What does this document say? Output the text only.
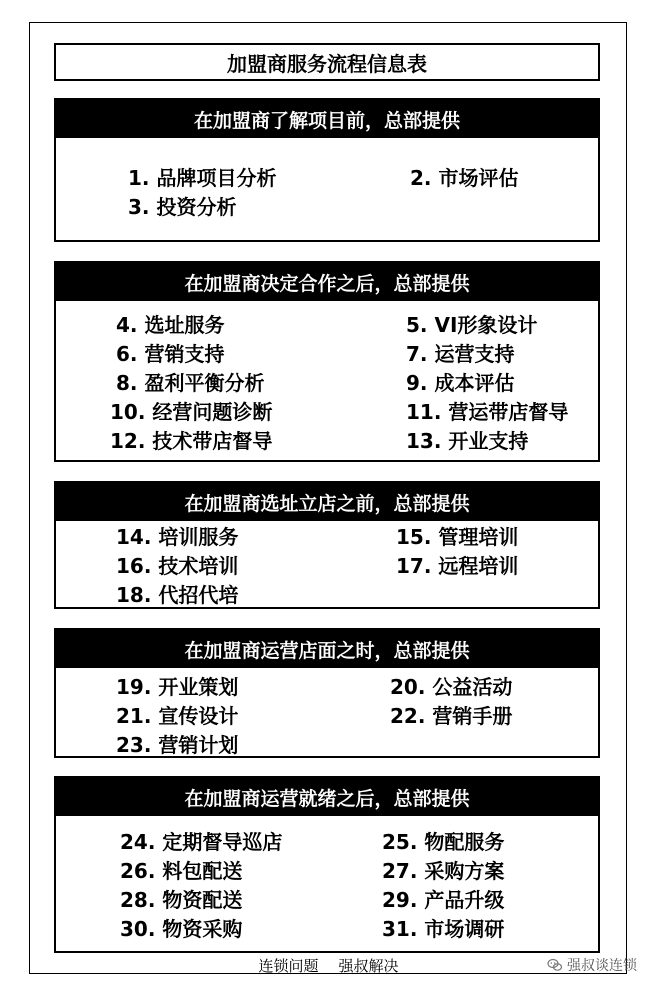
加盟商服务流程信息表
在加盟商了解项目前，总部提供
1. 品牌项目分析	2. 市场评估
3. 投资分析
在加盟商决定合作之后，总部提供
4. 选址服务	5. VI形象设计
6. 营销支持	7. 运营支持
8. 盈利平衡分析	9. 成本评估
10. 经营问题诊断	11. 营运带店督导
12. 技术带店督导	13. 开业支持
在加盟商选址立店之前，总部提供
14. 培训服务	15. 管理培训
16. 技术培训	17. 远程培训
18. 代招代培
在加盟商运营店面之时，总部提供
19. 开业策划	20. 公益活动
21. 宣传设计	22. 营销手册
23. 营销计划
在加盟商运营就绪之后，总部提供
24. 定期督导巡店	25. 物配服务
26. 料包配送	27. 采购方案
28. 物资配送	29. 产品升级
30. 物资采购	31. 市场调研
连锁问题 强叔解决	强叔谈连锁
